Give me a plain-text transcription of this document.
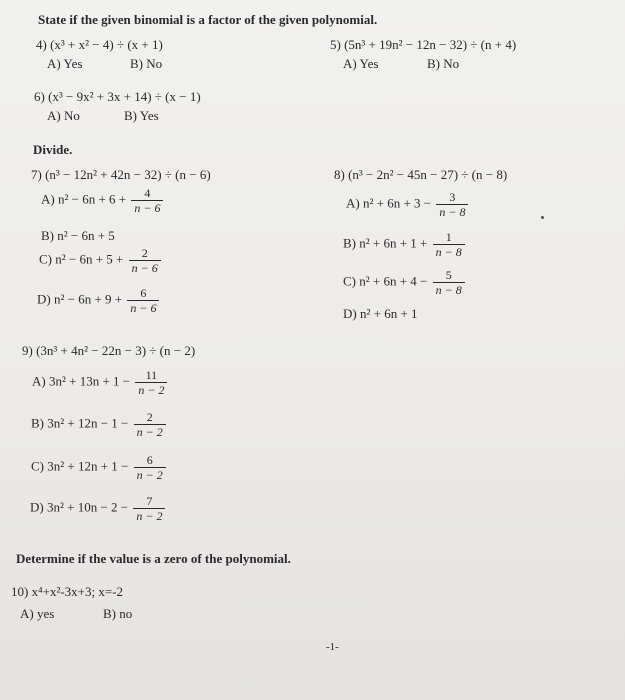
State if the given binomial is a factor of the given polynomial.
4) (x³ + x² − 4) ÷ (x + 1)
A) Yes	B) No
5) (5n³ + 19n² − 12n − 32) ÷ (n + 4)
A) Yes	B) No
6) (x³ − 9x² + 3x + 14) ÷ (x − 1)
A) No	B) Yes
Divide.
7) (n³ − 12n² + 42n − 32) ÷ (n − 6)
A) $n^2 - 6n + 6 + \frac{4}{n - 6}$
B) n² − 6n + 5
C) $n^2 - 6n + 5 + \frac{2}{n - 6}$
D) $n^2 - 6n + 9 + \frac{6}{n - 6}$
8) (n³ − 2n² − 45n − 27) ÷ (n − 8)
A) $n^2 + 6n + 3 - \frac{3}{n - 8}$
B) $n^2 + 6n + 1 + \frac{1}{n - 8}$
C) $n^2 + 6n + 4 - \frac{5}{n - 8}$
D) n² + 6n + 1
9) (3n³ + 4n² − 22n − 3) ÷ (n − 2)
A) $3n^2 + 13n + 1 - \frac{11}{n - 2}$
B) $3n^2 + 12n - 1 - \frac{2}{n - 2}$
C) $3n^2 + 12n + 1 - \frac{6}{n - 2}$
D) $3n^2 + 10n - 2 - \frac{7}{n - 2}$
Determine if the value is a zero of the polynomial.
10) x⁴+x²-3x+3; x=-2
A) yes	B) no
-1-
